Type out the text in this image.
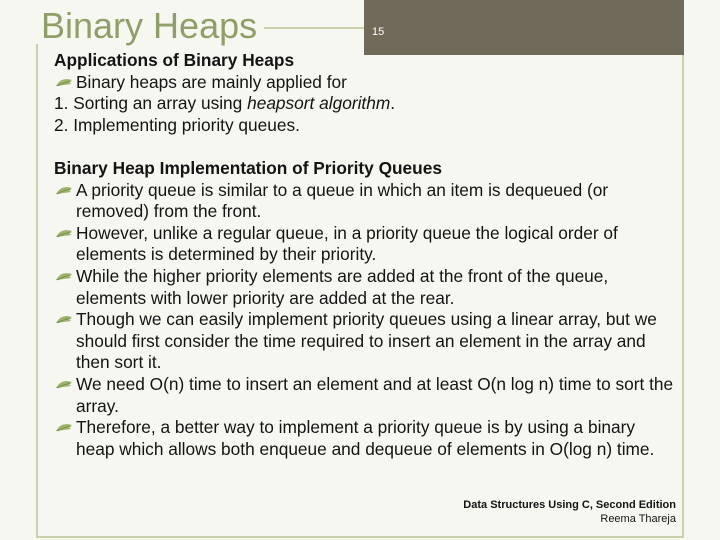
Binary Heaps	15

Applications of Binary Heaps

Binary heaps are mainly applied for

1. Sorting an array using heapsort algorithm.

2. Implementing priority queues.

Binary Heap Implementation of Priority Queues

A priority queue is similar to a queue in which an item is dequeued (or removed) from the front.
However, unlike a regular queue, in a priority queue the logical order of elements is determined by their priority.
While the higher priority elements are added at the front of the queue, elements with lower priority are added at the rear.
Though we can easily implement priority queues using a linear array, but we should first consider the time required to insert an element in the array and then sort it.
We need O(n) time to insert an element and at least O(n log n) time to sort the array.
Therefore, a better way to implement a priority queue is by using a binary heap which allows both enqueue and dequeue of elements in O(log n) time.
Data Structures Using C, Second Edition
Reema Thareja
